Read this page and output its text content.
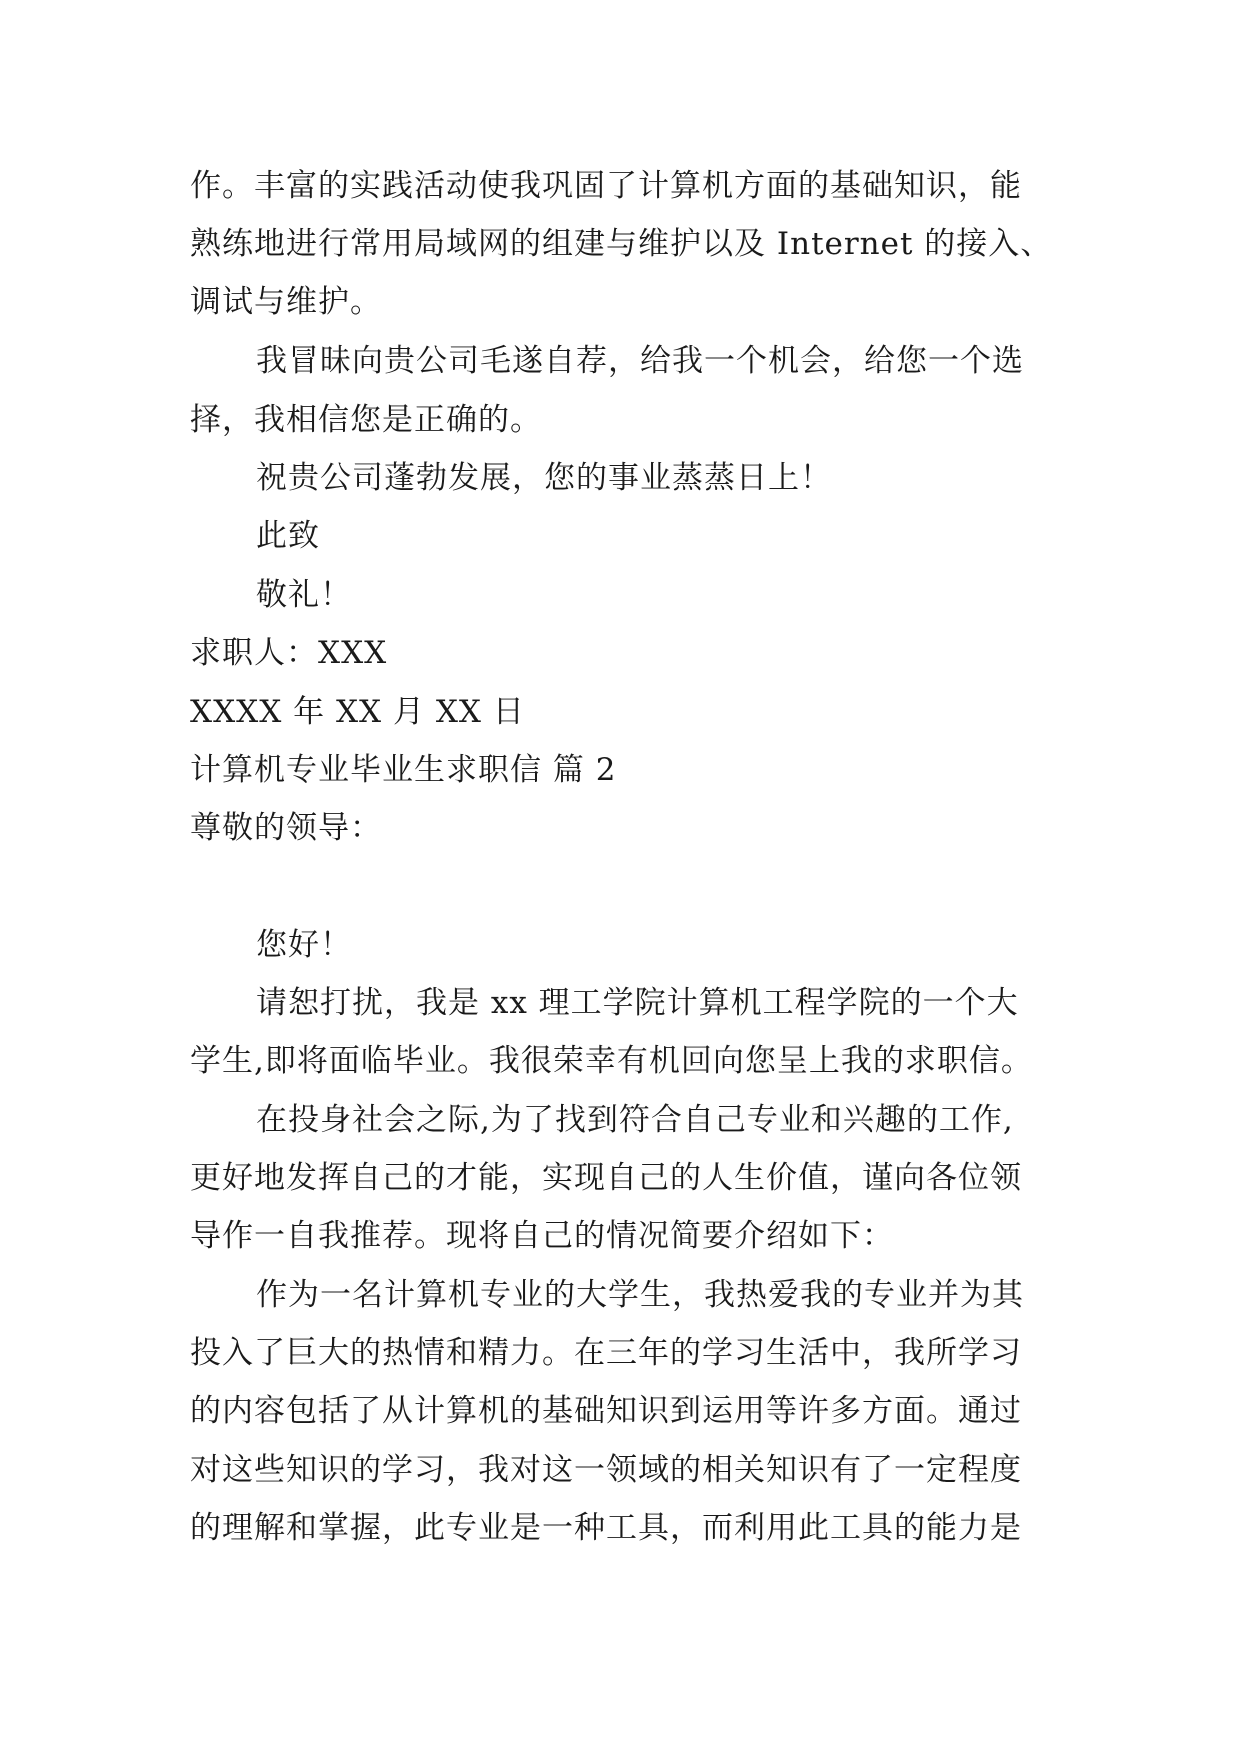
作。丰富的实践活动使我巩固了计算机方面的基础知识，能
熟练地进行常用局域网的组建与维护以及 Internet 的接入、
调试与维护。
我冒昧向贵公司毛遂自荐，给我一个机会，给您一个选
择，我相信您是正确的。
祝贵公司蓬勃发展，您的事业蒸蒸日上！
此致
敬礼！
求职人：XXX
XXXX 年 XX 月 XX 日
计算机专业毕业生求职信 篇 2
尊敬的领导：
您好！
请恕打扰，我是 xx 理工学院计算机工程学院的一个大
学生,即将面临毕业。我很荣幸有机回向您呈上我的求职信。
在投身社会之际,为了找到符合自己专业和兴趣的工作,
更好地发挥自己的才能，实现自己的人生价值，谨向各位领
导作一自我推荐。现将自己的情况简要介绍如下：
作为一名计算机专业的大学生，我热爱我的专业并为其
投入了巨大的热情和精力。在三年的学习生活中，我所学习
的内容包括了从计算机的基础知识到运用等许多方面。通过
对这些知识的学习，我对这一领域的相关知识有了一定程度
的理解和掌握，此专业是一种工具，而利用此工具的能力是
